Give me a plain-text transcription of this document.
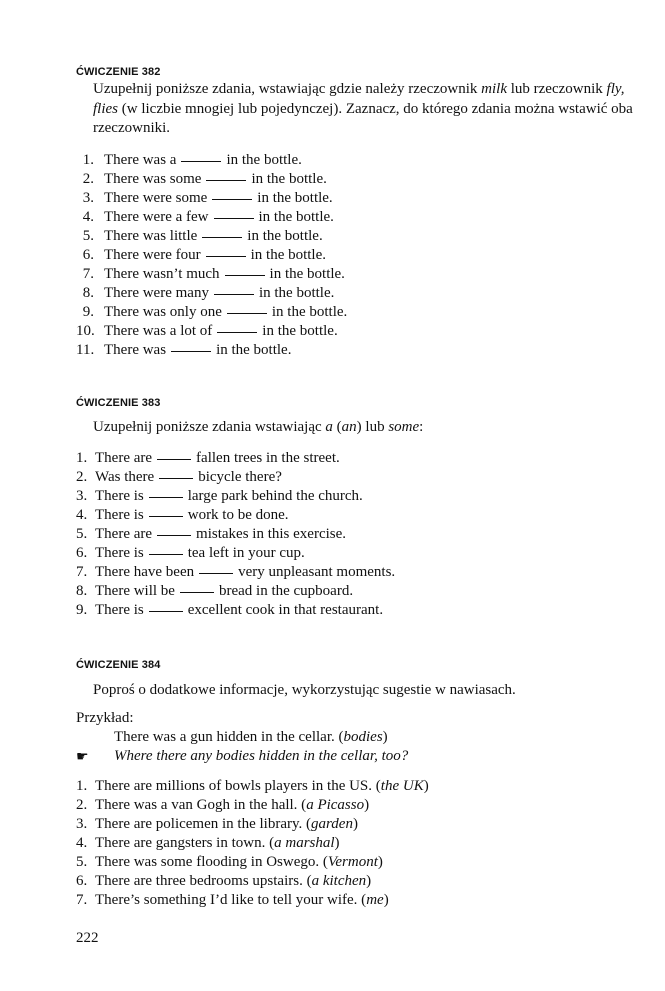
ĆWICZENIE 382
Uzupełnij poniższe zdania, wstawiając gdzie należy rzeczownik milk lub rzeczownik fly, flies (w liczbie mnogiej lub pojedynczej). Zaznacz, do którego zdania można wstawić oba rzeczowniki.
1. There was a	in the bottle.
2. There was some	in the bottle.
3. There were some	in the bottle.
4. There were a few	in the bottle.
5. There was little	in the bottle.
6. There were four	in the bottle.
7. There wasn’t much	in the bottle.
8. There were many	in the bottle.
9. There was only one	in the bottle.
10. There was a lot of	in the bottle.
11. There was	in the bottle.
ĆWICZENIE 383
Uzupełnij poniższe zdania wstawiając a (an) lub some:
1. There are	fallen trees in the street.
2. Was there	bicycle there?
3. There is	large park behind the church.
4. There is	work to be done.
5. There are	mistakes in this exercise.
6. There is	tea left in your cup.
7. There have been	very unpleasant moments.
8. There will be	bread in the cupboard.
9. There is	excellent cook in that restaurant.
ĆWICZENIE 384
Poproś o dodatkowe informacje, wykorzystując sugestie w nawiasach.
Przykład:
There was a gun hidden in the cellar. (bodies)
☛ Where there any bodies hidden in the cellar, too?
1. There are millions of bowls players in the US. (the UK)
2. There was a van Gogh in the hall. (a Picasso)
3. There are policemen in the library. (garden)
4. There are gangsters in town. (a marshal)
5. There was some flooding in Oswego. (Vermont)
6. There are three bedrooms upstairs. (a kitchen)
7. There’s something I’d like to tell your wife. (me)
222
